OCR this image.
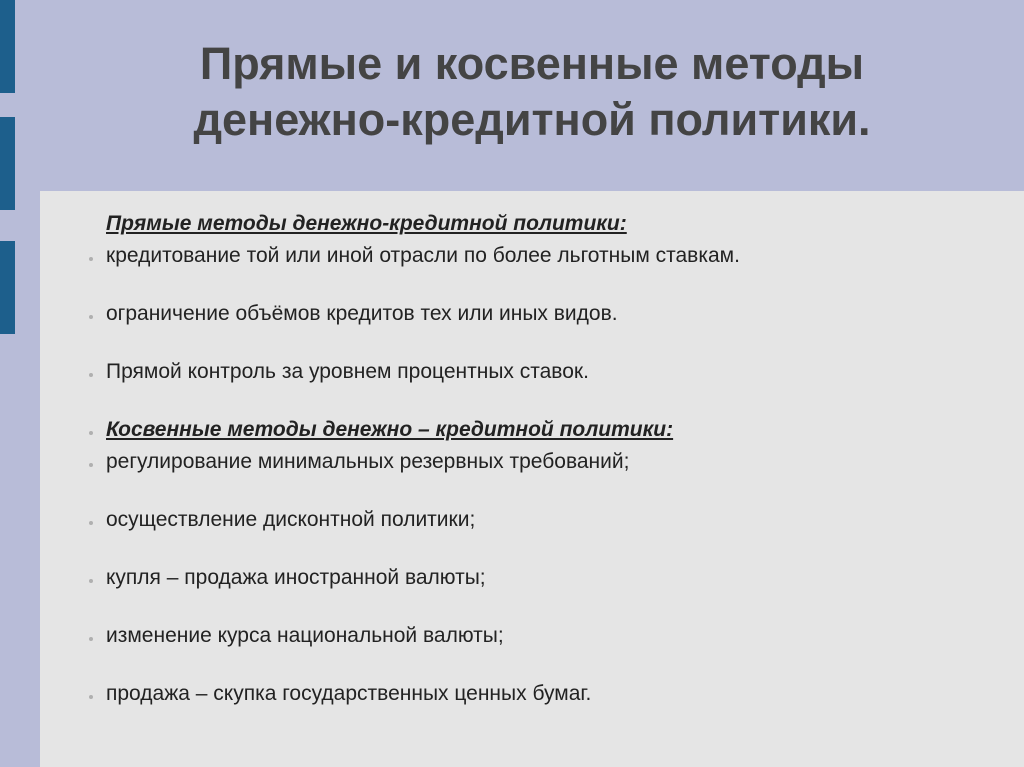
Прямые и косвенные методы
денежно-кредитной политики.
Прямые методы денежно-кредитной политики:
кредитование той или иной отрасли по более льготным ставкам.
ограничение объёмов кредитов тех или иных видов.
Прямой контроль за уровнем процентных ставок.
Косвенные методы денежно – кредитной политики:
регулирование минимальных резервных требований;
осуществление дисконтной политики;
купля – продажа иностранной валюты;
изменение курса национальной валюты;
продажа – скупка государственных ценных бумаг.
